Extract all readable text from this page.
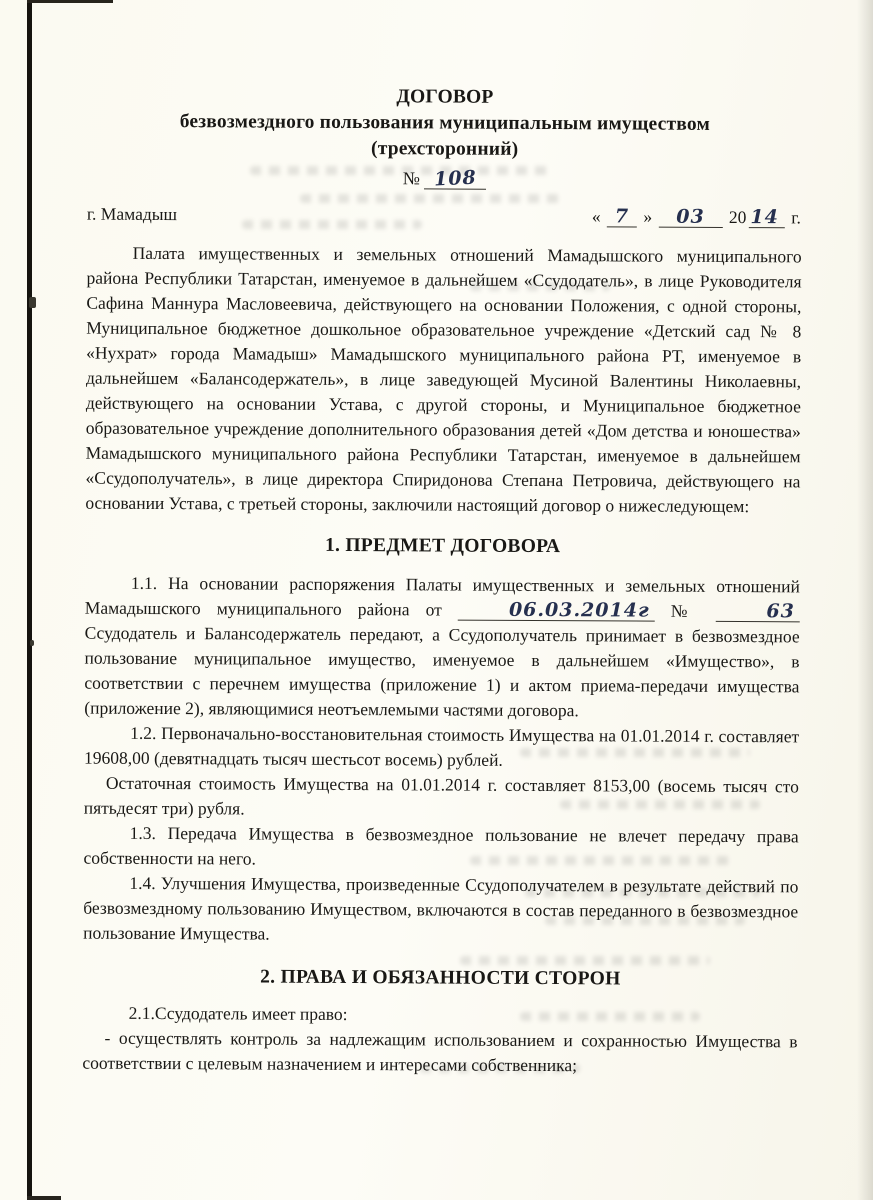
ДОГОВОР
безвозмездного пользования муниципальным имуществом
(трехсторонний)
№ 108
г. Мамадыш	« 7 » 03 20 14 г.

Палата имущественных и земельных отношений Мамадышского муниципального района Республики Татарстан, именуемое в дальнейшем «Ссудодатель», в лице Руководителя Сафина Маннура Масловеевича, действующего на основании Положения, с одной стороны, Муниципальное бюджетное дошкольное образовательное учреждение «Детский сад № 8 «Нухрат» города Мамадыш» Мамадышского муниципального района РТ, именуемое в дальнейшем «Балансодержатель», в лице заведующей Мусиной Валентины Николаевны, действующего на основании Устава, с другой стороны, и Муниципальное бюджетное образовательное учреждение дополнительного образования детей «Дом детства и юношества» Мамадышского муниципального района Республики Татарстан, именуемое в дальнейшем «Ссудополучатель», в лице директора Спиридонова Степана Петровича, действующего на основании Устава, с третьей стороны, заключили настоящий договор о нижеследующем:

1. ПРЕДМЕТ ДОГОВОРА

1.1. На основании распоряжения Палаты имущественных и земельных отношений Мамадышского муниципального района от	06.03.2014г №	63 Ссудодатель и Балансодержатель передают, а Ссудополучатель принимает в безвозмездное пользование муниципальное имущество, именуемое в дальнейшем «Имущество», в соответствии с перечнем имущества (приложение 1) и актом приема-передачи имущества (приложение 2), являющимися неотъемлемыми частями договора.

1.2. Первоначально-восстановительная стоимость Имущества на 01.01.2014 г. составляет 19608,00 (девятнадцать тысяч шестьсот восемь) рублей.

Остаточная стоимость Имущества на 01.01.2014 г. составляет 8153,00 (восемь тысяч сто пятьдесят три) рубля.

1.3. Передача Имущества в безвозмездное пользование не влечет передачу права собственности на него.

1.4. Улучшения Имущества, произведенные Ссудополучателем в результате действий по безвозмездному пользованию Имуществом, включаются в состав переданного в безвозмездное пользование Имущества.

2. ПРАВА И ОБЯЗАННОСТИ СТОРОН

2.1.Ссудодатель имеет право:

- осуществлять контроль за надлежащим использованием и сохранностью Имущества в соответствии с целевым назначением и интересами собственника;
